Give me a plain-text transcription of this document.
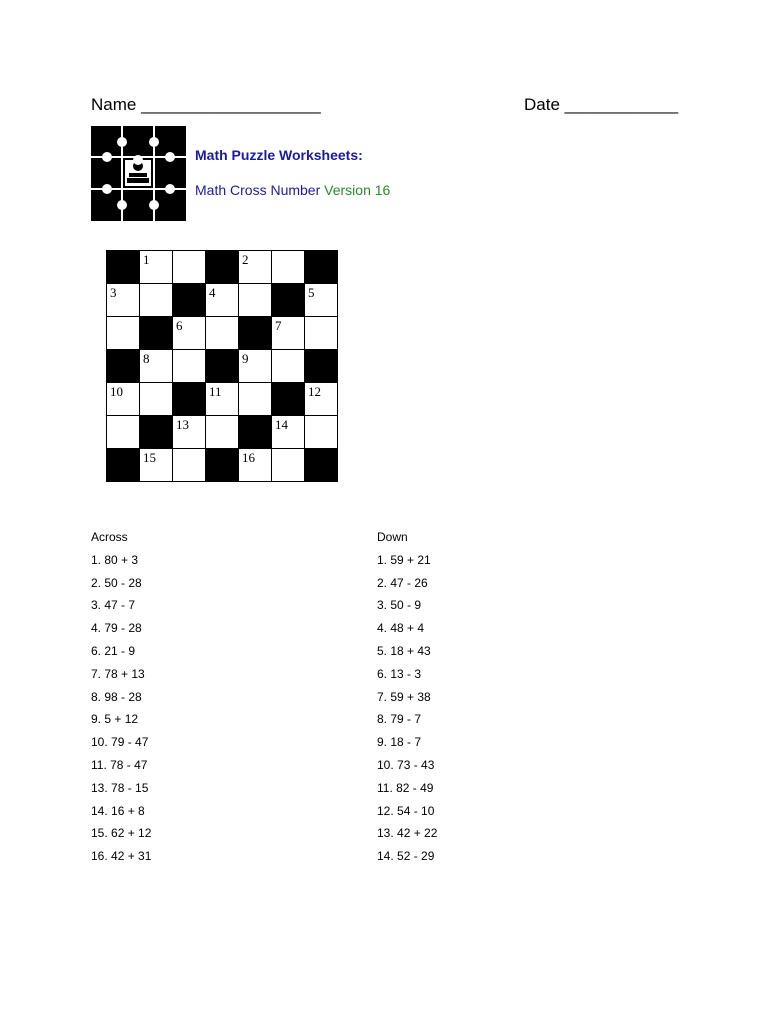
Name ___________________	Date ____________
Math Puzzle Worksheets:
Math Cross Number Version 16

	1			2		

3			4			5

		6			7	

	8			9		

10			11			12

		13			14	

	15			16		

Across
1. 80 + 3
2. 50 - 28
3. 47 - 7
4. 79 - 28
6. 21 - 9
7. 78 + 13
8. 98 - 28
9. 5 + 12
10. 79 - 47
11. 78 - 47
13. 78 - 15
14. 16 + 8
15. 62 + 12
16. 42 + 31
Down
1. 59 + 21
2. 47 - 26
3. 50 - 9
4. 48 + 4
5. 18 + 43
6. 13 - 3
7. 59 + 38
8. 79 - 7
9. 18 - 7
10. 73 - 43
11. 82 - 49
12. 54 - 10
13. 42 + 22
14. 52 - 29
